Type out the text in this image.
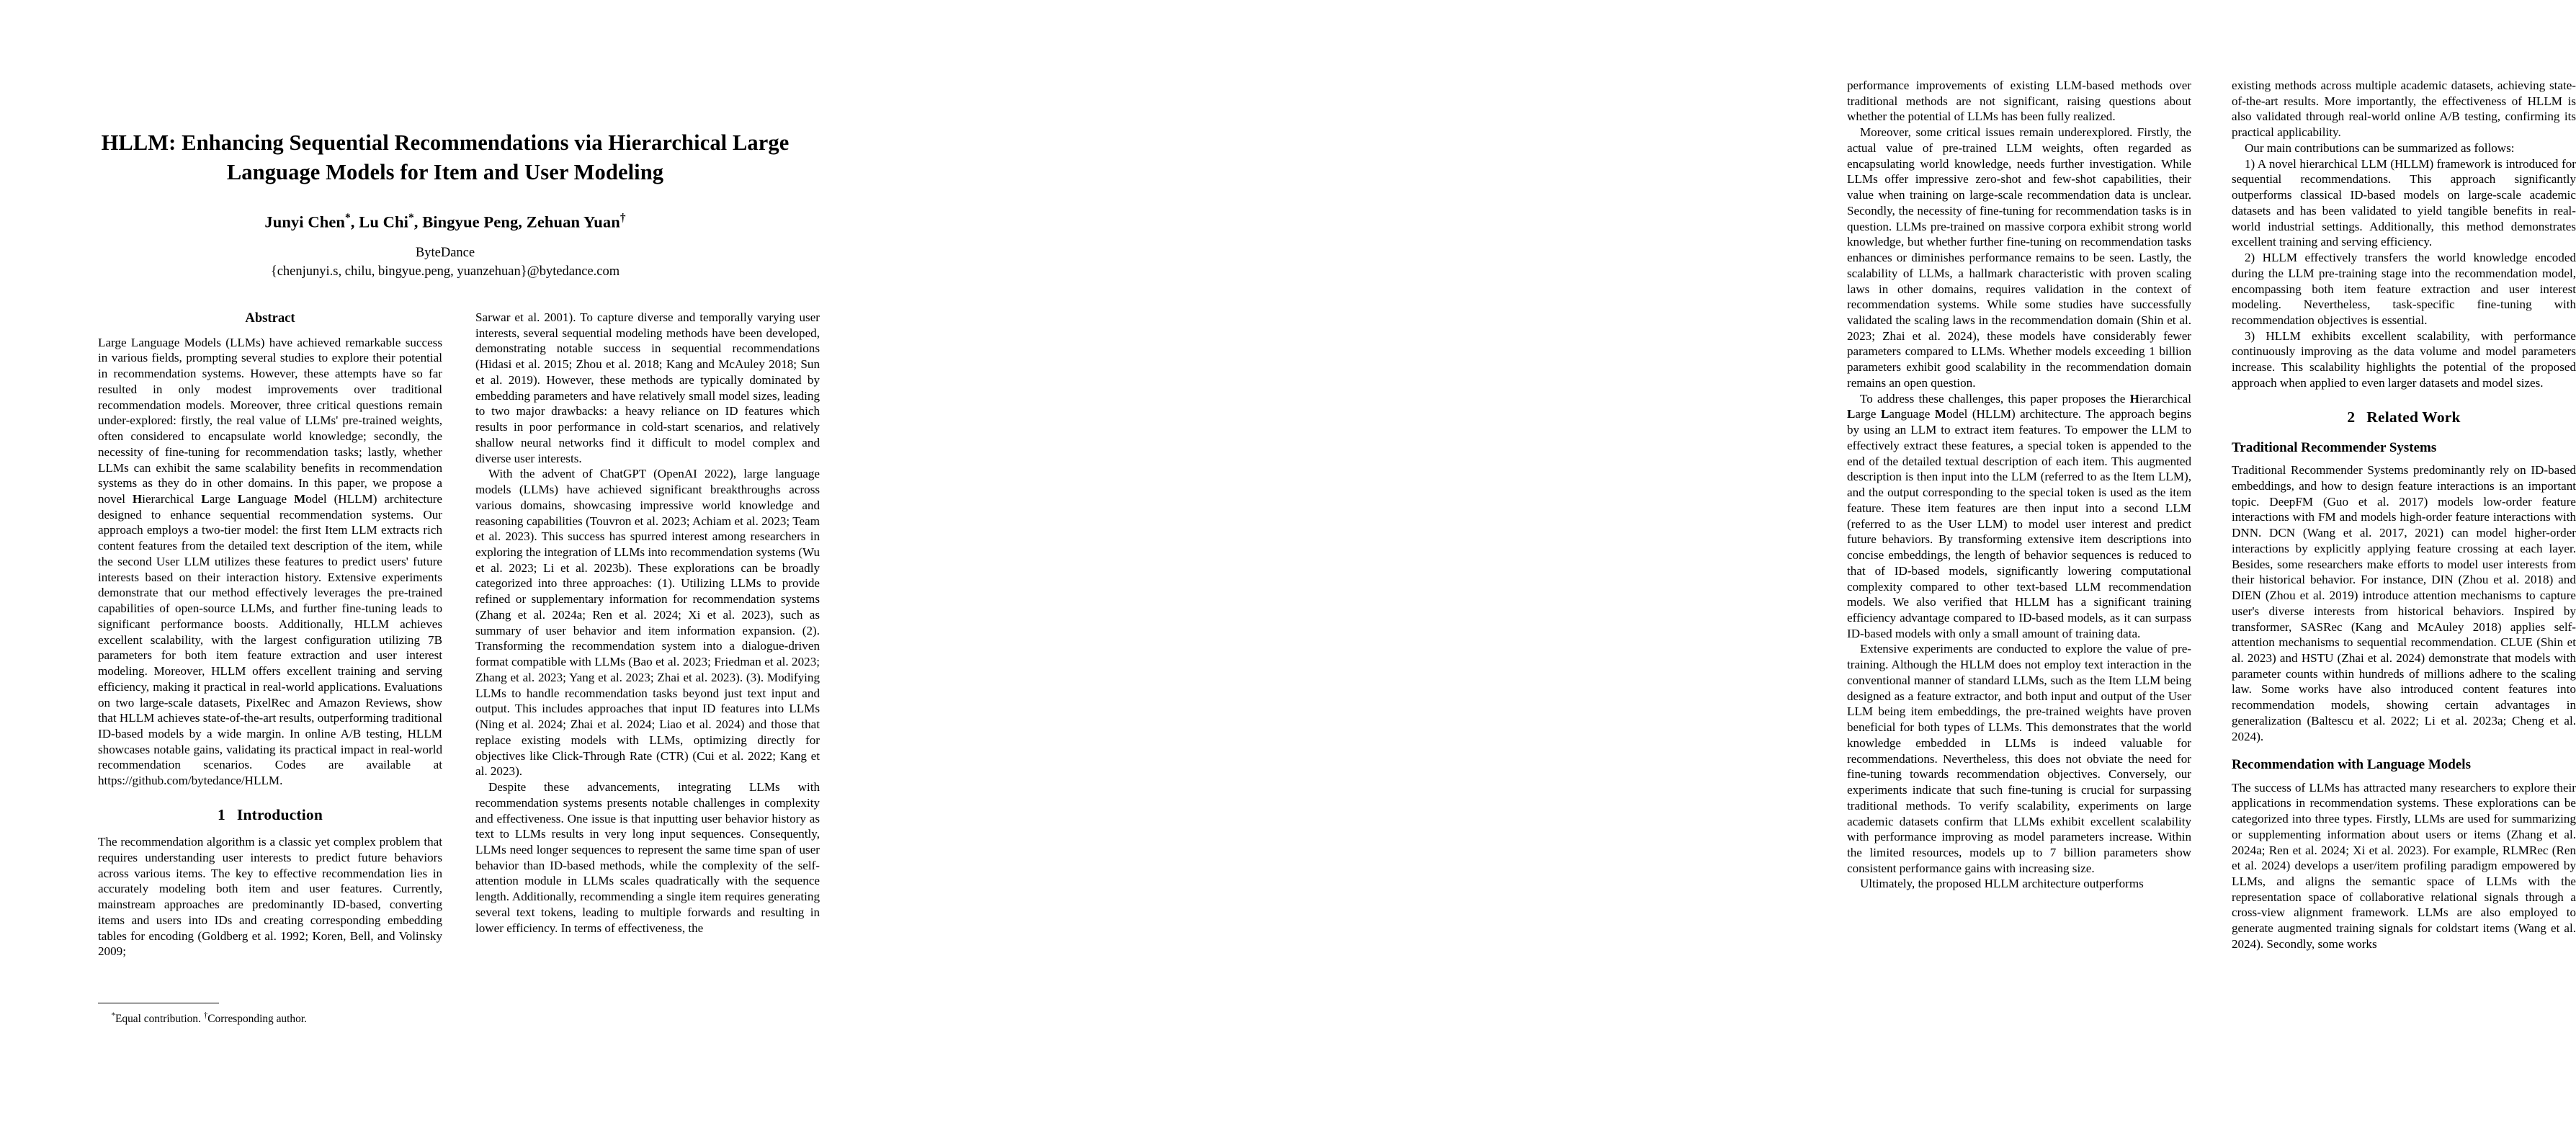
HLLM: Enhancing Sequential Recommendations via Hierarchical Large Language Models for Item and User Modeling
Junyi Chen*, Lu Chi*, Bingyue Peng, Zehuan Yuan†
ByteDance
{chenjunyi.s, chilu, bingyue.peng, yuanzehuan}@bytedance.com
Abstract

Large Language Models (LLMs) have achieved remarkable success in various fields, prompting several studies to explore their potential in recommendation systems. However, these attempts have so far resulted in only modest improvements over traditional recommendation models. Moreover, three critical questions remain under-explored: firstly, the real value of LLMs' pre-trained weights, often considered to encapsulate world knowledge; secondly, the necessity of fine-tuning for recommendation tasks; lastly, whether LLMs can exhibit the same scalability benefits in recommendation systems as they do in other domains. In this paper, we propose a novel Hierarchical Large Language Model (HLLM) architecture designed to enhance sequential recommendation systems. Our approach employs a two-tier model: the first Item LLM extracts rich content features from the detailed text description of the item, while the second User LLM utilizes these features to predict users' future interests based on their interaction history. Extensive experiments demonstrate that our method effectively leverages the pre-trained capabilities of open-source LLMs, and further fine-tuning leads to significant performance boosts. Additionally, HLLM achieves excellent scalability, with the largest configuration utilizing 7B parameters for both item feature extraction and user interest modeling. Moreover, HLLM offers excellent training and serving efficiency, making it practical in real-world applications. Evaluations on two large-scale datasets, PixelRec and Amazon Reviews, show that HLLM achieves state-of-the-art results, outperforming traditional ID-based models by a wide margin. In online A/B testing, HLLM showcases notable gains, validating its practical impact in real-world recommendation scenarios. Codes are available at https://github.com/bytedance/HLLM.

1 Introduction

The recommendation algorithm is a classic yet complex problem that requires understanding user interests to predict future behaviors across various items. The key to effective recommendation lies in accurately modeling both item and user features. Currently, mainstream approaches are predominantly ID-based, converting items and users into IDs and creating corresponding embedding tables for encoding (Goldberg et al. 1992; Koren, Bell, and Volinsky 2009;

*Equal contribution. †Corresponding author.

Sarwar et al. 2001). To capture diverse and temporally varying user interests, several sequential modeling methods have been developed, demonstrating notable success in sequential recommendations (Hidasi et al. 2015; Zhou et al. 2018; Kang and McAuley 2018; Sun et al. 2019). However, these methods are typically dominated by embedding parameters and have relatively small model sizes, leading to two major drawbacks: a heavy reliance on ID features which results in poor performance in cold-start scenarios, and relatively shallow neural networks find it difficult to model complex and diverse user interests.

With the advent of ChatGPT (OpenAI 2022), large language models (LLMs) have achieved significant breakthroughs across various domains, showcasing impressive world knowledge and reasoning capabilities (Touvron et al. 2023; Achiam et al. 2023; Team et al. 2023). This success has spurred interest among researchers in exploring the integration of LLMs into recommendation systems (Wu et al. 2023; Li et al. 2023b). These explorations can be broadly categorized into three approaches: (1). Utilizing LLMs to provide refined or supplementary information for recommendation systems (Zhang et al. 2024a; Ren et al. 2024; Xi et al. 2023), such as summary of user behavior and item information expansion. (2). Transforming the recommendation system into a dialogue-driven format compatible with LLMs (Bao et al. 2023; Friedman et al. 2023; Zhang et al. 2023; Yang et al. 2023; Zhai et al. 2023). (3). Modifying LLMs to handle recommendation tasks beyond just text input and output. This includes approaches that input ID features into LLMs (Ning et al. 2024; Zhai et al. 2024; Liao et al. 2024) and those that replace existing models with LLMs, optimizing directly for objectives like Click-Through Rate (CTR) (Cui et al. 2022; Kang et al. 2023).

Despite these advancements, integrating LLMs with recommendation systems presents notable challenges in complexity and effectiveness. One issue is that inputting user behavior history as text to LLMs results in very long input sequences. Consequently, LLMs need longer sequences to represent the same time span of user behavior than ID-based methods, while the complexity of the self-attention module in LLMs scales quadratically with the sequence length. Additionally, recommending a single item requires generating several text tokens, leading to multiple forwards and resulting in lower efficiency. In terms of effectiveness, the

performance improvements of existing LLM-based methods over traditional methods are not significant, raising questions about whether the potential of LLMs has been fully realized.

Moreover, some critical issues remain underexplored. Firstly, the actual value of pre-trained LLM weights, often regarded as encapsulating world knowledge, needs further investigation. While LLMs offer impressive zero-shot and few-shot capabilities, their value when training on large-scale recommendation data is unclear. Secondly, the necessity of fine-tuning for recommendation tasks is in question. LLMs pre-trained on massive corpora exhibit strong world knowledge, but whether further fine-tuning on recommendation tasks enhances or diminishes performance remains to be seen. Lastly, the scalability of LLMs, a hallmark characteristic with proven scaling laws in other domains, requires validation in the context of recommendation systems. While some studies have successfully validated the scaling laws in the recommendation domain (Shin et al. 2023; Zhai et al. 2024), these models have considerably fewer parameters compared to LLMs. Whether models exceeding 1 billion parameters exhibit good scalability in the recommendation domain remains an open question.

To address these challenges, this paper proposes the Hierarchical Large Language Model (HLLM) architecture. The approach begins by using an LLM to extract item features. To empower the LLM to effectively extract these features, a special token is appended to the end of the detailed textual description of each item. This augmented description is then input into the LLM (referred to as the Item LLM), and the output corresponding to the special token is used as the item feature. These item features are then input into a second LLM (referred to as the User LLM) to model user interest and predict future behaviors. By transforming extensive item descriptions into concise embeddings, the length of behavior sequences is reduced to that of ID-based models, significantly lowering computational complexity compared to other text-based LLM recommendation models. We also verified that HLLM has a significant training efficiency advantage compared to ID-based models, as it can surpass ID-based models with only a small amount of training data.

Extensive experiments are conducted to explore the value of pre-training. Although the HLLM does not employ text interaction in the conventional manner of standard LLMs, such as the Item LLM being designed as a feature extractor, and both input and output of the User LLM being item embeddings, the pre-trained weights have proven beneficial for both types of LLMs. This demonstrates that the world knowledge embedded in LLMs is indeed valuable for recommendations. Nevertheless, this does not obviate the need for fine-tuning towards recommendation objectives. Conversely, our experiments indicate that such fine-tuning is crucial for surpassing traditional methods. To verify scalability, experiments on large academic datasets confirm that LLMs exhibit excellent scalability with performance improving as model parameters increase. Within the limited resources, models up to 7 billion parameters show consistent performance gains with increasing size.

Ultimately, the proposed HLLM architecture outperforms

existing methods across multiple academic datasets, achieving state-of-the-art results. More importantly, the effectiveness of HLLM is also validated through real-world online A/B testing, confirming its practical applicability.

Our main contributions can be summarized as follows:

1) A novel hierarchical LLM (HLLM) framework is introduced for sequential recommendations. This approach significantly outperforms classical ID-based models on large-scale academic datasets and has been validated to yield tangible benefits in real-world industrial settings. Additionally, this method demonstrates excellent training and serving efficiency.

2) HLLM effectively transfers the world knowledge encoded during the LLM pre-training stage into the recommendation model, encompassing both item feature extraction and user interest modeling. Nevertheless, task-specific fine-tuning with recommendation objectives is essential.

3) HLLM exhibits excellent scalability, with performance continuously improving as the data volume and model parameters increase. This scalability highlights the potential of the proposed approach when applied to even larger datasets and model sizes.

2 Related Work
Traditional Recommender Systems

Traditional Recommender Systems predominantly rely on ID-based embeddings, and how to design feature interactions is an important topic. DeepFM (Guo et al. 2017) models low-order feature interactions with FM and models high-order feature interactions with DNN. DCN (Wang et al. 2017, 2021) can model higher-order interactions by explicitly applying feature crossing at each layer. Besides, some researchers make efforts to model user interests from their historical behavior. For instance, DIN (Zhou et al. 2018) and DIEN (Zhou et al. 2019) introduce attention mechanisms to capture user's diverse interests from historical behaviors. Inspired by transformer, SASRec (Kang and McAuley 2018) applies self-attention mechanisms to sequential recommendation. CLUE (Shin et al. 2023) and HSTU (Zhai et al. 2024) demonstrate that models with parameter counts within hundreds of millions adhere to the scaling law. Some works have also introduced content features into recommendation models, showing certain advantages in generalization (Baltescu et al. 2022; Li et al. 2023a; Cheng et al. 2024).

Recommendation with Language Models

The success of LLMs has attracted many researchers to explore their applications in recommendation systems. These explorations can be categorized into three types. Firstly, LLMs are used for summarizing or supplementing information about users or items (Zhang et al. 2024a; Ren et al. 2024; Xi et al. 2023). For example, RLMRec (Ren et al. 2024) develops a user/item profiling paradigm empowered by LLMs, and aligns the semantic space of LLMs with the representation space of collaborative relational signals through a cross-view alignment framework. LLMs are also employed to generate augmented training signals for coldstart items (Wang et al. 2024). Secondly, some works
